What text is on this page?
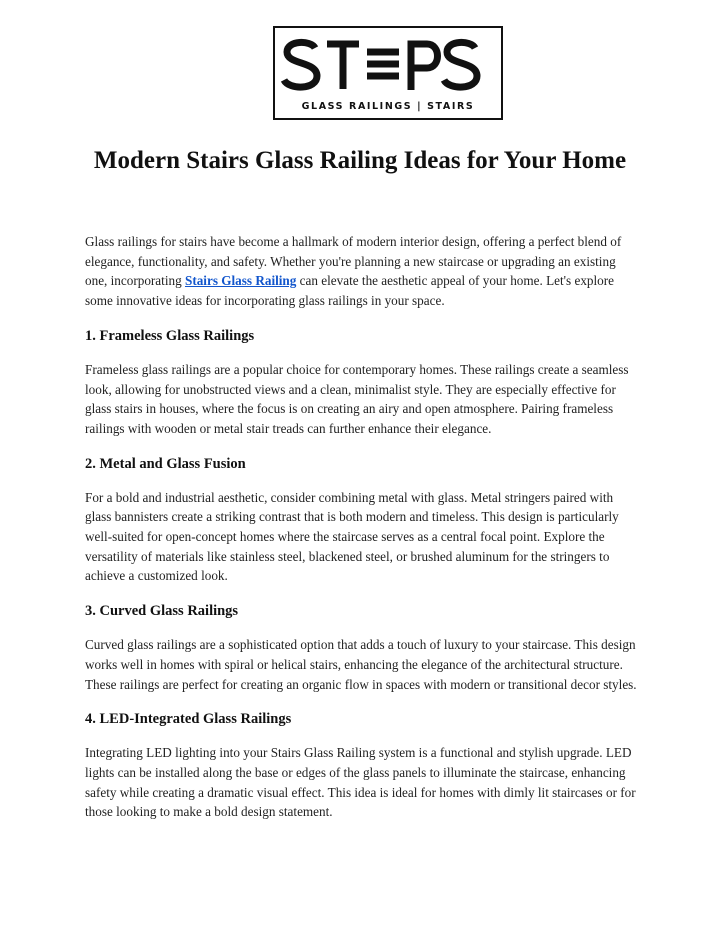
GLASS RAILINGS | STAIRS
Modern Stairs Glass Railing Ideas for Your Home

Glass railings for stairs have become a hallmark of modern interior design, offering a perfect blend of elegance, functionality, and safety. Whether you're planning a new staircase or upgrading an existing one, incorporating Stairs Glass Railing can elevate the aesthetic appeal of your home. Let's explore some innovative ideas for incorporating glass railings in your space.

1. Frameless Glass Railings

Frameless glass railings are a popular choice for contemporary homes. These railings create a seamless look, allowing for unobstructed views and a clean, minimalist style. They are especially effective for glass stairs in houses, where the focus is on creating an airy and open atmosphere. Pairing frameless railings with wooden or metal stair treads can further enhance their elegance.

2. Metal and Glass Fusion

For a bold and industrial aesthetic, consider combining metal with glass. Metal stringers paired with glass bannisters create a striking contrast that is both modern and timeless. This design is particularly well-suited for open-concept homes where the staircase serves as a central focal point. Explore the versatility of materials like stainless steel, blackened steel, or brushed aluminum for the stringers to achieve a customized look.

3. Curved Glass Railings

Curved glass railings are a sophisticated option that adds a touch of luxury to your staircase. This design works well in homes with spiral or helical stairs, enhancing the elegance of the architectural structure. These railings are perfect for creating an organic flow in spaces with modern or transitional decor styles.

4. LED-Integrated Glass Railings

Integrating LED lighting into your Stairs Glass Railing system is a functional and stylish upgrade. LED lights can be installed along the base or edges of the glass panels to illuminate the staircase, enhancing safety while creating a dramatic visual effect. This idea is ideal for homes with dimly lit staircases or for those looking to make a bold design statement.
